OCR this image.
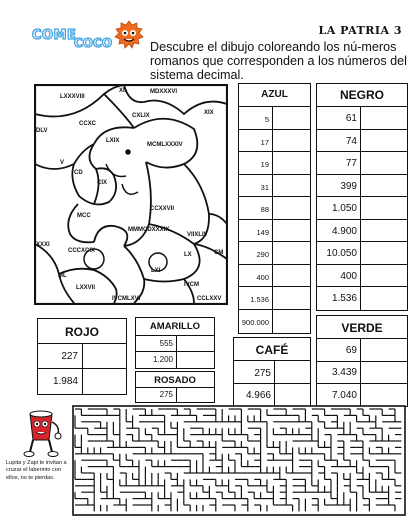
COME
COCO
LA PATRIA 3
Descubre el dibujo coloreando los nú-meros romanos que corresponden a los números del sistema decimal.
LXXXVIII
XII	MDXXXVI
CCXC
CXLIX	XIX
DLV
LXIX
MCMLXXXIV
V
CD
CIX
CCXXVII
MCC
MMMCDXXXIX
VIIXLIV
XXXI
CCCXCIX
LX	CM
ML
LXI
LXXVII	IVCM
IVCMLXVI	CCLXXV
AZUL
5
17
19
31
88
149
290
400
1.536
900.000
NEGRO
61
74
77
399
1.050
4.900
10.050
400
1.536
ROJO
227
1.984
AMARILLO
555
1.200
ROSADO
275
CAFÉ
275
4.966
VERDE
69
3.439
7.040
Lupita y Zapi te invitan a cruzar el laberinto con ellos, no te pierdas.
